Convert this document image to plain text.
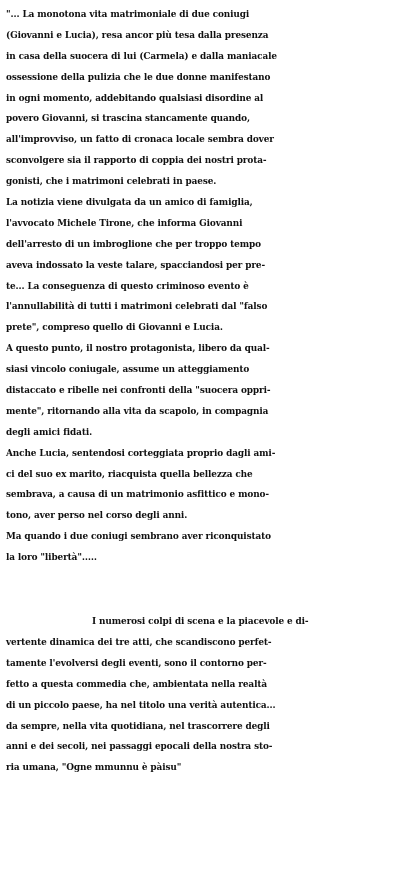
"... La monotona vita matrimoniale di due coniugi
(Giovanni e Lucia), resa ancor più tesa dalla presenza
in casa della suocera di lui (Carmela) e dalla maniacale
ossessione della pulizia che le due donne manifestano
in ogni momento, addebitando qualsiasi disordine al
povero Giovanni, si trascina stancamente quando,
all'improvviso, un fatto di cronaca locale sembra dover
sconvolgere sia il rapporto di coppia dei nostri prota-
gonisti, che i matrimoni celebrati in paese.
La notizia viene divulgata da un amico di famiglia,
l'avvocato Michele Tirone, che informa Giovanni
dell'arresto di un imbroglione che per troppo tempo
aveva indossato la veste talare, spacciandosi per pre-
te... La conseguenza di questo criminoso evento è
l'annullabilità di tutti i matrimoni celebrati dal "falso
prete", compreso quello di Giovanni e Lucia.
A questo punto, il nostro protagonista, libero da qual-
siasi vincolo coniugale, assume un atteggiamento
distaccato e ribelle nei confronti della "suocera oppri-
mente", ritornando alla vita da scapolo, in compagnia
degli amici fidati.
Anche Lucia, sentendosi corteggiata proprio dagli ami-
ci del suo ex marito, riacquista quella bellezza che
sembrava, a causa di un matrimonio asfittico e mono-
tono, aver perso nel corso degli anni.
Ma quando i due coniugi sembrano aver riconquistato
la loro "libertà".....
I numerosi colpi di scena e la piacevole e di-
vertente dinamica dei tre atti, che scandiscono perfet-
tamente l'evolversi degli eventi, sono il contorno per-
fetto a questa commedia che, ambientata nella realtà
di un piccolo paese, ha nel titolo una verità autentica...
da sempre, nella vita quotidiana, nel trascorrere degli
anni e dei secoli, nei passaggi epocali della nostra sto-
ria umana, "Ogne mmunnu è pàisu"
